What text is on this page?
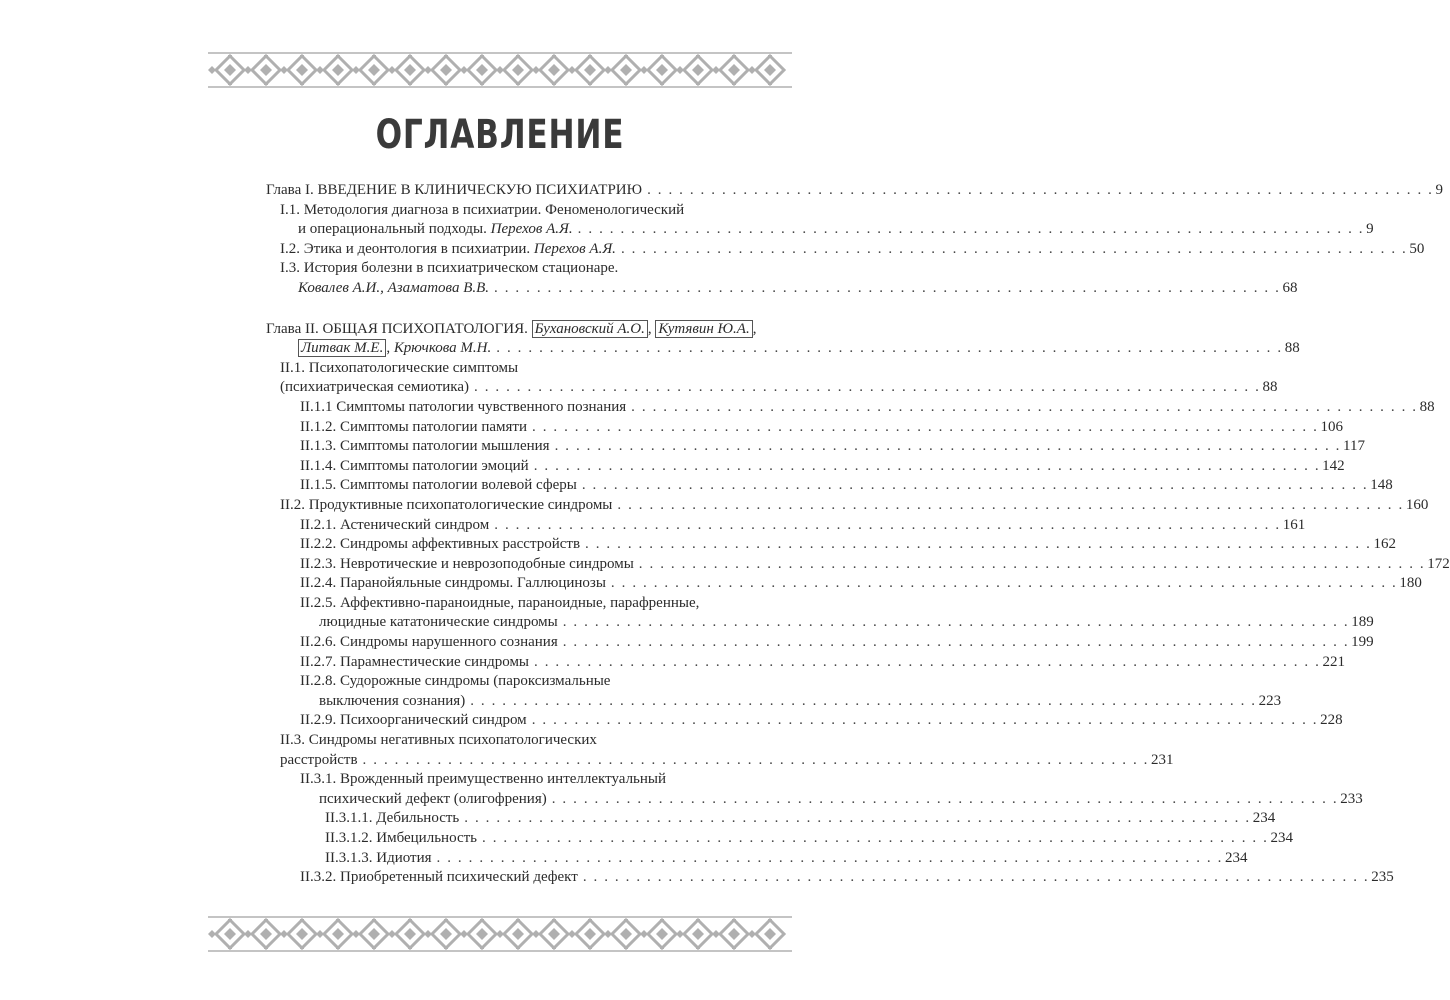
ОГЛАВЛЕНИЕ
Глава I. ВВЕДЕНИЕ В КЛИНИЧЕСКУЮ ПСИХИАТРИЮ . . . . . . . . . . . . . . . . . . . . . . . . . . . . . . . . . . . . . . . . . . . . . . . . . . . . . . . . . . . . . . . . . . . . . . . . . . 9
I.1. Методология диагноза в психиатрии. Феноменологический
и операциональный подходы. Перехов А.Я. . . . . . . . . . . . . . . . . . . . . . . . . . . . . . . . . . . . . . . . . . . . . . . . . . . . . . . . . . . . . . . . . . . . . . . . . . . 9
I.2. Этика и деонтология в психиатрии. Перехов А.Я. . . . . . . . . . . . . . . . . . . . . . . . . . . . . . . . . . . . . . . . . . . . . . . . . . . . . . . . . . . . . . . . . . . . . . . . . . . 50
I.3. История болезни в психиатрическом стационаре.
Ковалев А.И., Азаматова В.В. . . . . . . . . . . . . . . . . . . . . . . . . . . . . . . . . . . . . . . . . . . . . . . . . . . . . . . . . . . . . . . . . . . . . . . . . . . 68
Глава II. ОБЩАЯ ПСИХОПАТОЛОГИЯ. Бухановский А.О. , Кутявин Ю.А. ,
Литвак М.Е. , Крючкова М.Н. . . . . . . . . . . . . . . . . . . . . . . . . . . . . . . . . . . . . . . . . . . . . . . . . . . . . . . . . . . . . . . . . . . . . . . . . . . 88
II.1. Психопатологические симптомы
(психиатрическая семиотика) . . . . . . . . . . . . . . . . . . . . . . . . . . . . . . . . . . . . . . . . . . . . . . . . . . . . . . . . . . . . . . . . . . . . . . . . . . 88
II.1.1 Симптомы патологии чувственного познания . . . . . . . . . . . . . . . . . . . . . . . . . . . . . . . . . . . . . . . . . . . . . . . . . . . . . . . . . . . . . . . . . . . . . . . . . . 88
II.1.2. Симптомы патологии памяти . . . . . . . . . . . . . . . . . . . . . . . . . . . . . . . . . . . . . . . . . . . . . . . . . . . . . . . . . . . . . . . . . . . . . . . . . . 106
II.1.3. Симптомы патологии мышления . . . . . . . . . . . . . . . . . . . . . . . . . . . . . . . . . . . . . . . . . . . . . . . . . . . . . . . . . . . . . . . . . . . . . . . . . . 117
II.1.4. Симптомы патологии эмоций . . . . . . . . . . . . . . . . . . . . . . . . . . . . . . . . . . . . . . . . . . . . . . . . . . . . . . . . . . . . . . . . . . . . . . . . . . 142
II.1.5. Симптомы патологии волевой сферы . . . . . . . . . . . . . . . . . . . . . . . . . . . . . . . . . . . . . . . . . . . . . . . . . . . . . . . . . . . . . . . . . . . . . . . . . . 148
II.2. Продуктивные психопатологические синдромы . . . . . . . . . . . . . . . . . . . . . . . . . . . . . . . . . . . . . . . . . . . . . . . . . . . . . . . . . . . . . . . . . . . . . . . . . . 160
II.2.1. Астенический синдром . . . . . . . . . . . . . . . . . . . . . . . . . . . . . . . . . . . . . . . . . . . . . . . . . . . . . . . . . . . . . . . . . . . . . . . . . . 161
II.2.2. Синдромы аффективных расстройств . . . . . . . . . . . . . . . . . . . . . . . . . . . . . . . . . . . . . . . . . . . . . . . . . . . . . . . . . . . . . . . . . . . . . . . . . . 162
II.2.3. Невротические и неврозоподобные синдромы . . . . . . . . . . . . . . . . . . . . . . . . . . . . . . . . . . . . . . . . . . . . . . . . . . . . . . . . . . . . . . . . . . . . . . . . . . 172
II.2.4. Паранойяльные синдромы. Галлюцинозы . . . . . . . . . . . . . . . . . . . . . . . . . . . . . . . . . . . . . . . . . . . . . . . . . . . . . . . . . . . . . . . . . . . . . . . . . . 180
II.2.5. Аффективно-параноидные, параноидные, парафренные,
люцидные кататонические синдромы . . . . . . . . . . . . . . . . . . . . . . . . . . . . . . . . . . . . . . . . . . . . . . . . . . . . . . . . . . . . . . . . . . . . . . . . . . 189
II.2.6. Синдромы нарушенного сознания . . . . . . . . . . . . . . . . . . . . . . . . . . . . . . . . . . . . . . . . . . . . . . . . . . . . . . . . . . . . . . . . . . . . . . . . . . 199
II.2.7. Парамнестические синдромы . . . . . . . . . . . . . . . . . . . . . . . . . . . . . . . . . . . . . . . . . . . . . . . . . . . . . . . . . . . . . . . . . . . . . . . . . . 221
II.2.8. Судорожные синдромы (пароксизмальные
выключения сознания) . . . . . . . . . . . . . . . . . . . . . . . . . . . . . . . . . . . . . . . . . . . . . . . . . . . . . . . . . . . . . . . . . . . . . . . . . . 223
II.2.9. Психоорганический синдром . . . . . . . . . . . . . . . . . . . . . . . . . . . . . . . . . . . . . . . . . . . . . . . . . . . . . . . . . . . . . . . . . . . . . . . . . . 228
II.3. Синдромы негативных психопатологических
расстройств . . . . . . . . . . . . . . . . . . . . . . . . . . . . . . . . . . . . . . . . . . . . . . . . . . . . . . . . . . . . . . . . . . . . . . . . . . 231
II.3.1. Врожденный преимущественно интеллектуальный
психический дефект (олигофрения) . . . . . . . . . . . . . . . . . . . . . . . . . . . . . . . . . . . . . . . . . . . . . . . . . . . . . . . . . . . . . . . . . . . . . . . . . . 233
II.3.1.1. Дебильность . . . . . . . . . . . . . . . . . . . . . . . . . . . . . . . . . . . . . . . . . . . . . . . . . . . . . . . . . . . . . . . . . . . . . . . . . . 234
II.3.1.2. Имбецильность . . . . . . . . . . . . . . . . . . . . . . . . . . . . . . . . . . . . . . . . . . . . . . . . . . . . . . . . . . . . . . . . . . . . . . . . . . 234
II.3.1.3. Идиотия . . . . . . . . . . . . . . . . . . . . . . . . . . . . . . . . . . . . . . . . . . . . . . . . . . . . . . . . . . . . . . . . . . . . . . . . . . 234
II.3.2. Приобретенный психический дефект . . . . . . . . . . . . . . . . . . . . . . . . . . . . . . . . . . . . . . . . . . . . . . . . . . . . . . . . . . . . . . . . . . . . . . . . . . 235
